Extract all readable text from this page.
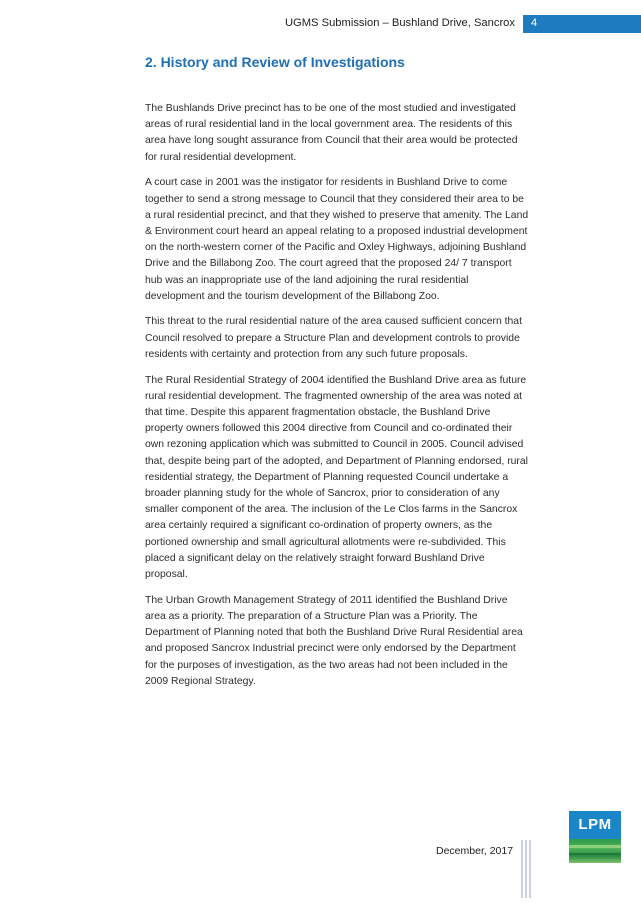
UGMS Submission – Bushland Drive, Sancrox	4
2. History and Review of Investigations

The Bushlands Drive precinct has to be one of the most studied and investigated areas of rural residential land in the local government area. The residents of this area have long sought assurance from Council that their area would be protected for rural residential development.

A court case in 2001 was the instigator for residents in Bushland Drive to come together to send a strong message to Council that they considered their area to be a rural residential precinct, and that they wished to preserve that amenity. The Land & Environment court heard an appeal relating to a proposed industrial development on the north-western corner of the Pacific and Oxley Highways, adjoining Bushland Drive and the Billabong Zoo. The court agreed that the proposed 24/ 7 transport hub was an inappropriate use of the land adjoining the rural residential development and the tourism development of the Billabong Zoo.

This threat to the rural residential nature of the area caused sufficient concern that Council resolved to prepare a Structure Plan and development controls to provide residents with certainty and protection from any such future proposals.

The Rural Residential Strategy of 2004 identified the Bushland Drive area as future rural residential development. The fragmented ownership of the area was noted at that time. Despite this apparent fragmentation obstacle, the Bushland Drive property owners followed this 2004 directive from Council and co-ordinated their own rezoning application which was submitted to Council in 2005. Council advised that, despite being part of the adopted, and Department of Planning endorsed, rural residential strategy, the Department of Planning requested Council undertake a broader planning study for the whole of Sancrox, prior to consideration of any smaller component of the area. The inclusion of the Le Clos farms in the Sancrox area certainly required a significant co-ordination of property owners, as the portioned ownership and small agricultural allotments were re-subdivided. This placed a significant delay on the relatively straight forward Bushland Drive proposal.

The Urban Growth Management Strategy of 2011 identified the Bushland Drive area as a priority. The preparation of a Structure Plan was a Priority. The Department of Planning noted that both the Bushland Drive Rural Residential area and proposed Sancrox Industrial precinct were only endorsed by the Department for the purposes of investigation, as the two areas had not been included in the 2009 Regional Strategy.

December, 2017
LPM
